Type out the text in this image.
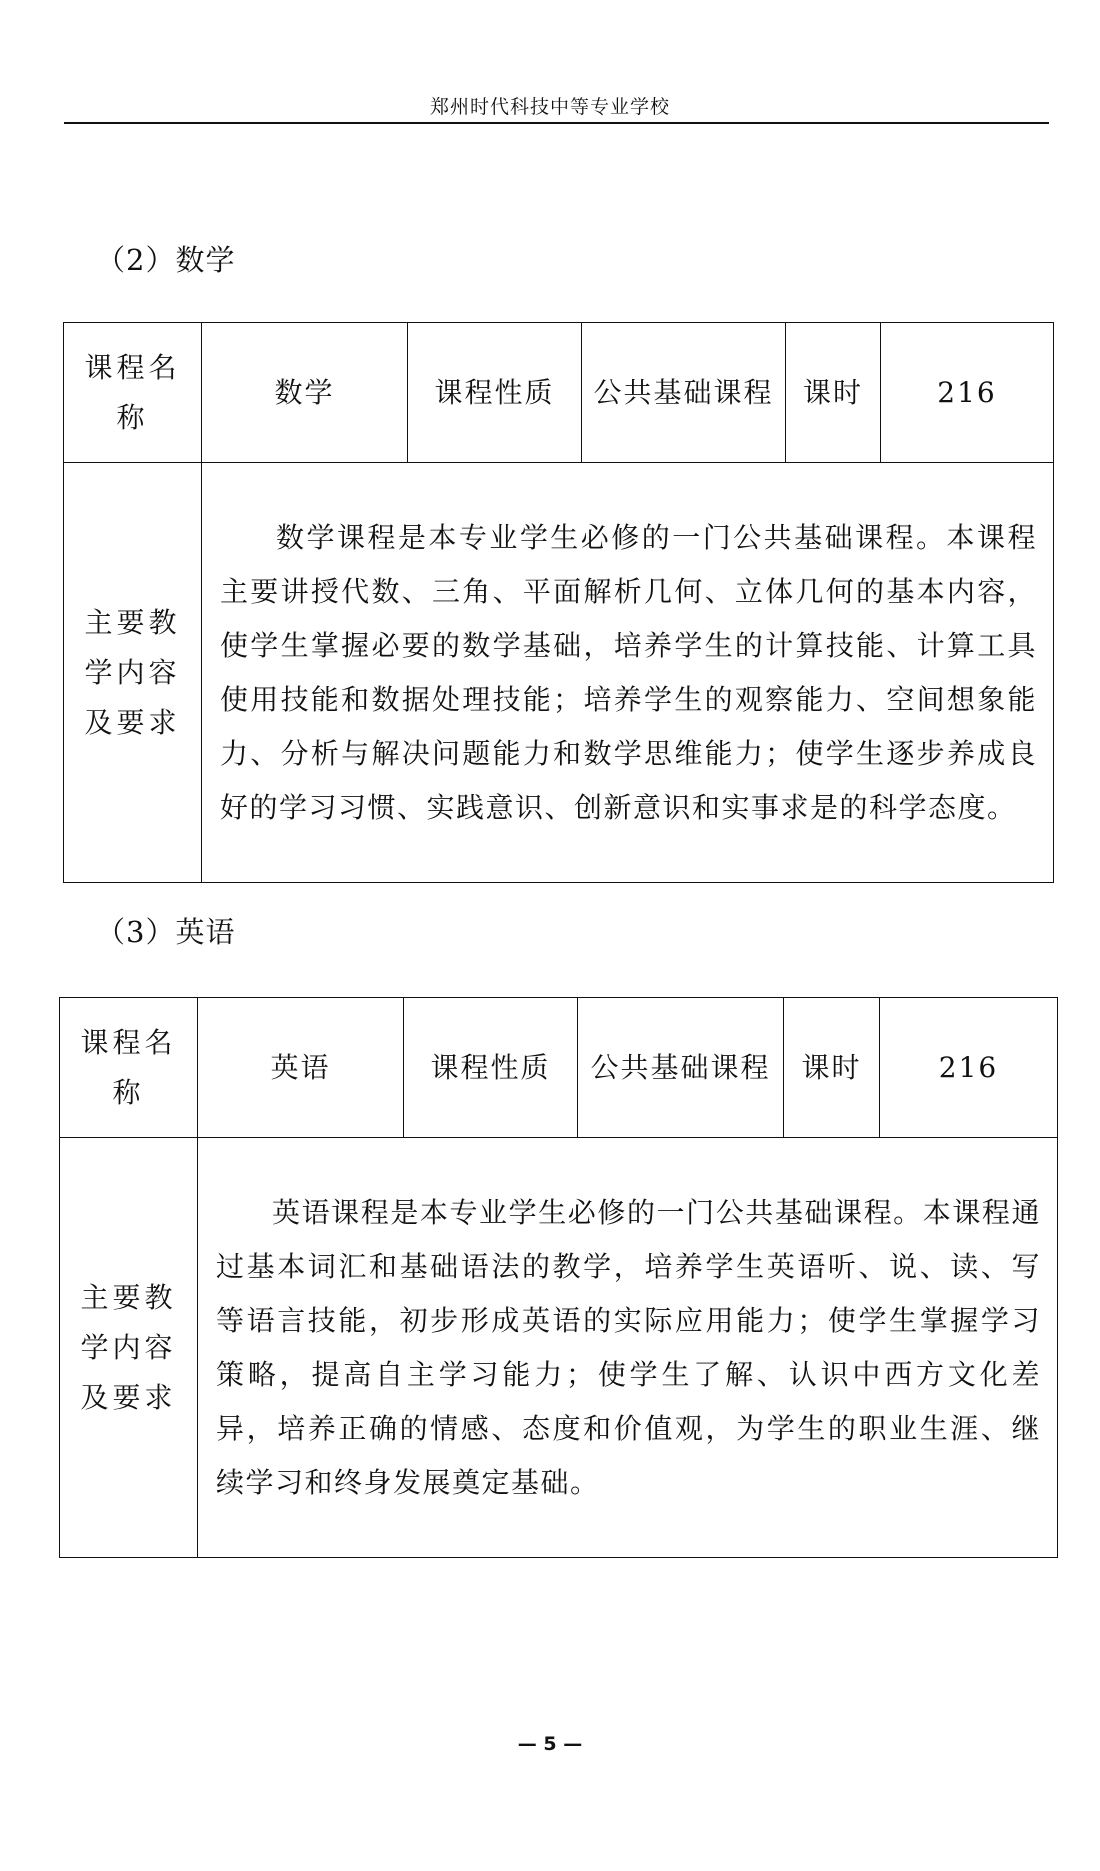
郑州时代科技中等专业学校
（2）数学
课程名称	数学	课程性质	公共基础课程	课时	216
主要教学内容及要求	数学课程是本专业学生必修的一门公共基础课程。本课程主要讲授代数、三角、平面解析几何、立体几何的基本内容，使学生掌握必要的数学基础，培养学生的计算技能、计算工具使用技能和数据处理技能；培养学生的观察能力、空间想象能力、分析与解决问题能力和数学思维能力；使学生逐步养成良好的学习习惯、实践意识、创新意识和实事求是的科学态度。				
（3）英语
课程名称	英语	课程性质	公共基础课程	课时	216
主要教学内容及要求	英语课程是本专业学生必修的一门公共基础课程。本课程通过基本词汇和基础语法的教学，培养学生英语听、说、读、写等语言技能，初步形成英语的实际应用能力；使学生掌握学习策略，提高自主学习能力；使学生了解、认识中西方文化差异，培养正确的情感、态度和价值观，为学生的职业生涯、继续学习和终身发展奠定基础。				
— 5 —
